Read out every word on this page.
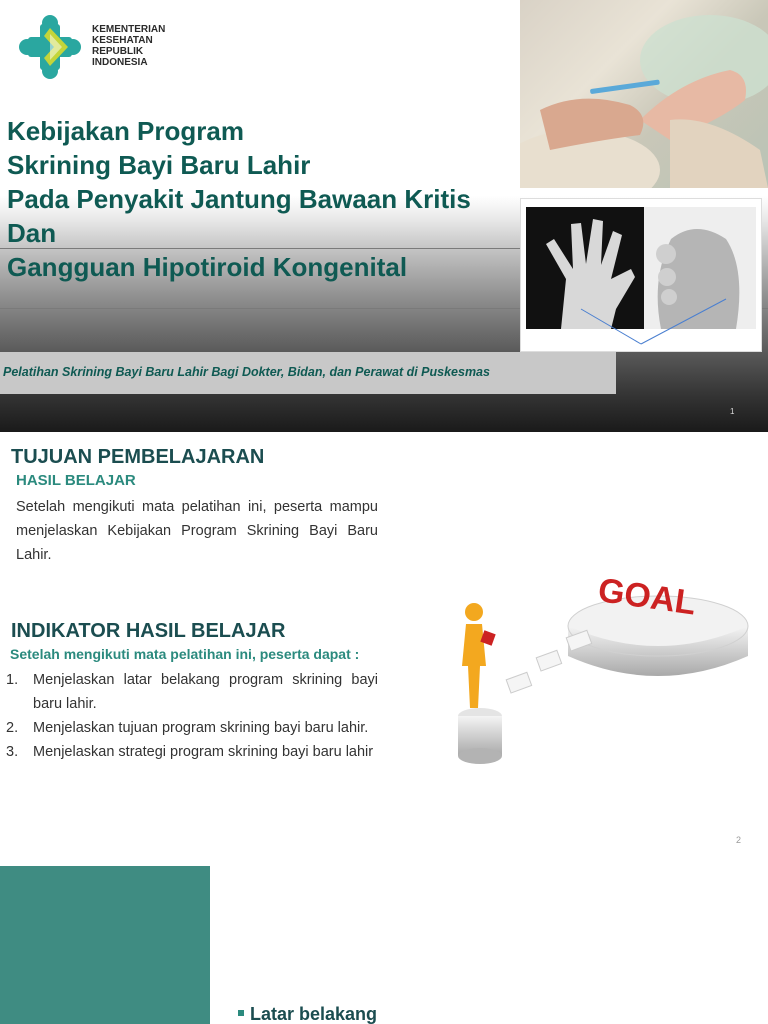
KEMENTERIAN
KESEHATAN
REPUBLIK
INDONESIA
Kebijakan Program
Skrining Bayi Baru Lahir
Pada Penyakit Jantung Bawaan Kritis
Dan
Gangguan Hipotiroid Kongenital
Pelatihan Skrining Bayi Baru Lahir Bagi Dokter, Bidan, dan Perawat di Puskesmas
1
TUJUAN PEMBELAJARAN
HASIL BELAJAR

Setelah mengikuti mata pelatihan ini, peserta mampu menjelaskan Kebijakan Program Skrining Bayi Baru Lahir.

INDIKATOR HASIL BELAJAR
Setelah mengikuti mata pelatihan ini, peserta dapat :
1. Menjelaskan latar belakang program skrining bayi baru lahir.
2. Menjelaskan tujuan program skrining bayi baru lahir.
3. Menjelaskan strategi program skrining bayi baru lahir
GOAL
2
Latar belakang
